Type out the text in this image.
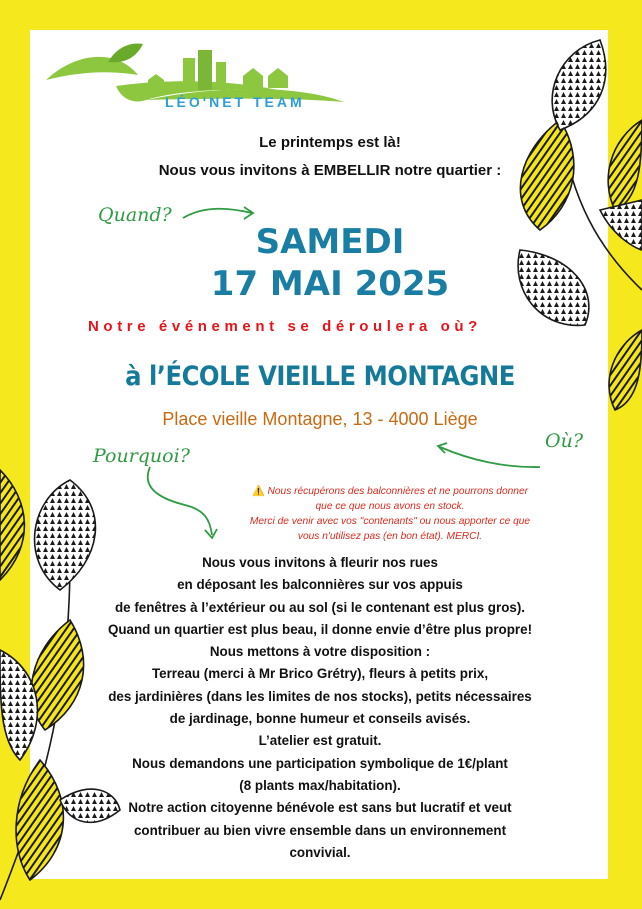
LÉO'NET TEAM
Le printemps est là!
Nous vous invitons à EMBELLIR notre quartier :
Quand?
Pourquoi?
Où?
SAMEDI
17 MAI 2025
Notre événement se déroulera où?
à l’ÉCOLE VIEILLE MONTAGNE
Place vieille Montagne, 13 - 4000 Liège
⚠️ Nous récupérons des balconnières et ne pourrons donner
que ce que nous avons en stock.
Merci de venir avec vos "contenants" ou nous apporter ce que
vous n'utilisez pas (en bon état). MERCI.
Nous vous invitons à fleurir nos rues
en déposant les balconnières sur vos appuis
de fenêtres à l’extérieur ou au sol (si le contenant est plus gros).
Quand un quartier est plus beau, il donne envie d’être plus propre!
Nous mettons à votre disposition :
Terreau (merci à Mr Brico Grétry), fleurs à petits prix,
des jardinières (dans les limites de nos stocks), petits nécessaires
de jardinage, bonne humeur et conseils avisés.
L’atelier est gratuit.
Nous demandons une participation symbolique de 1€/plant
(8 plants max/habitation).
Notre action citoyenne bénévole est sans but lucratif et veut
contribuer au bien vivre ensemble dans un environnement
convivial.
